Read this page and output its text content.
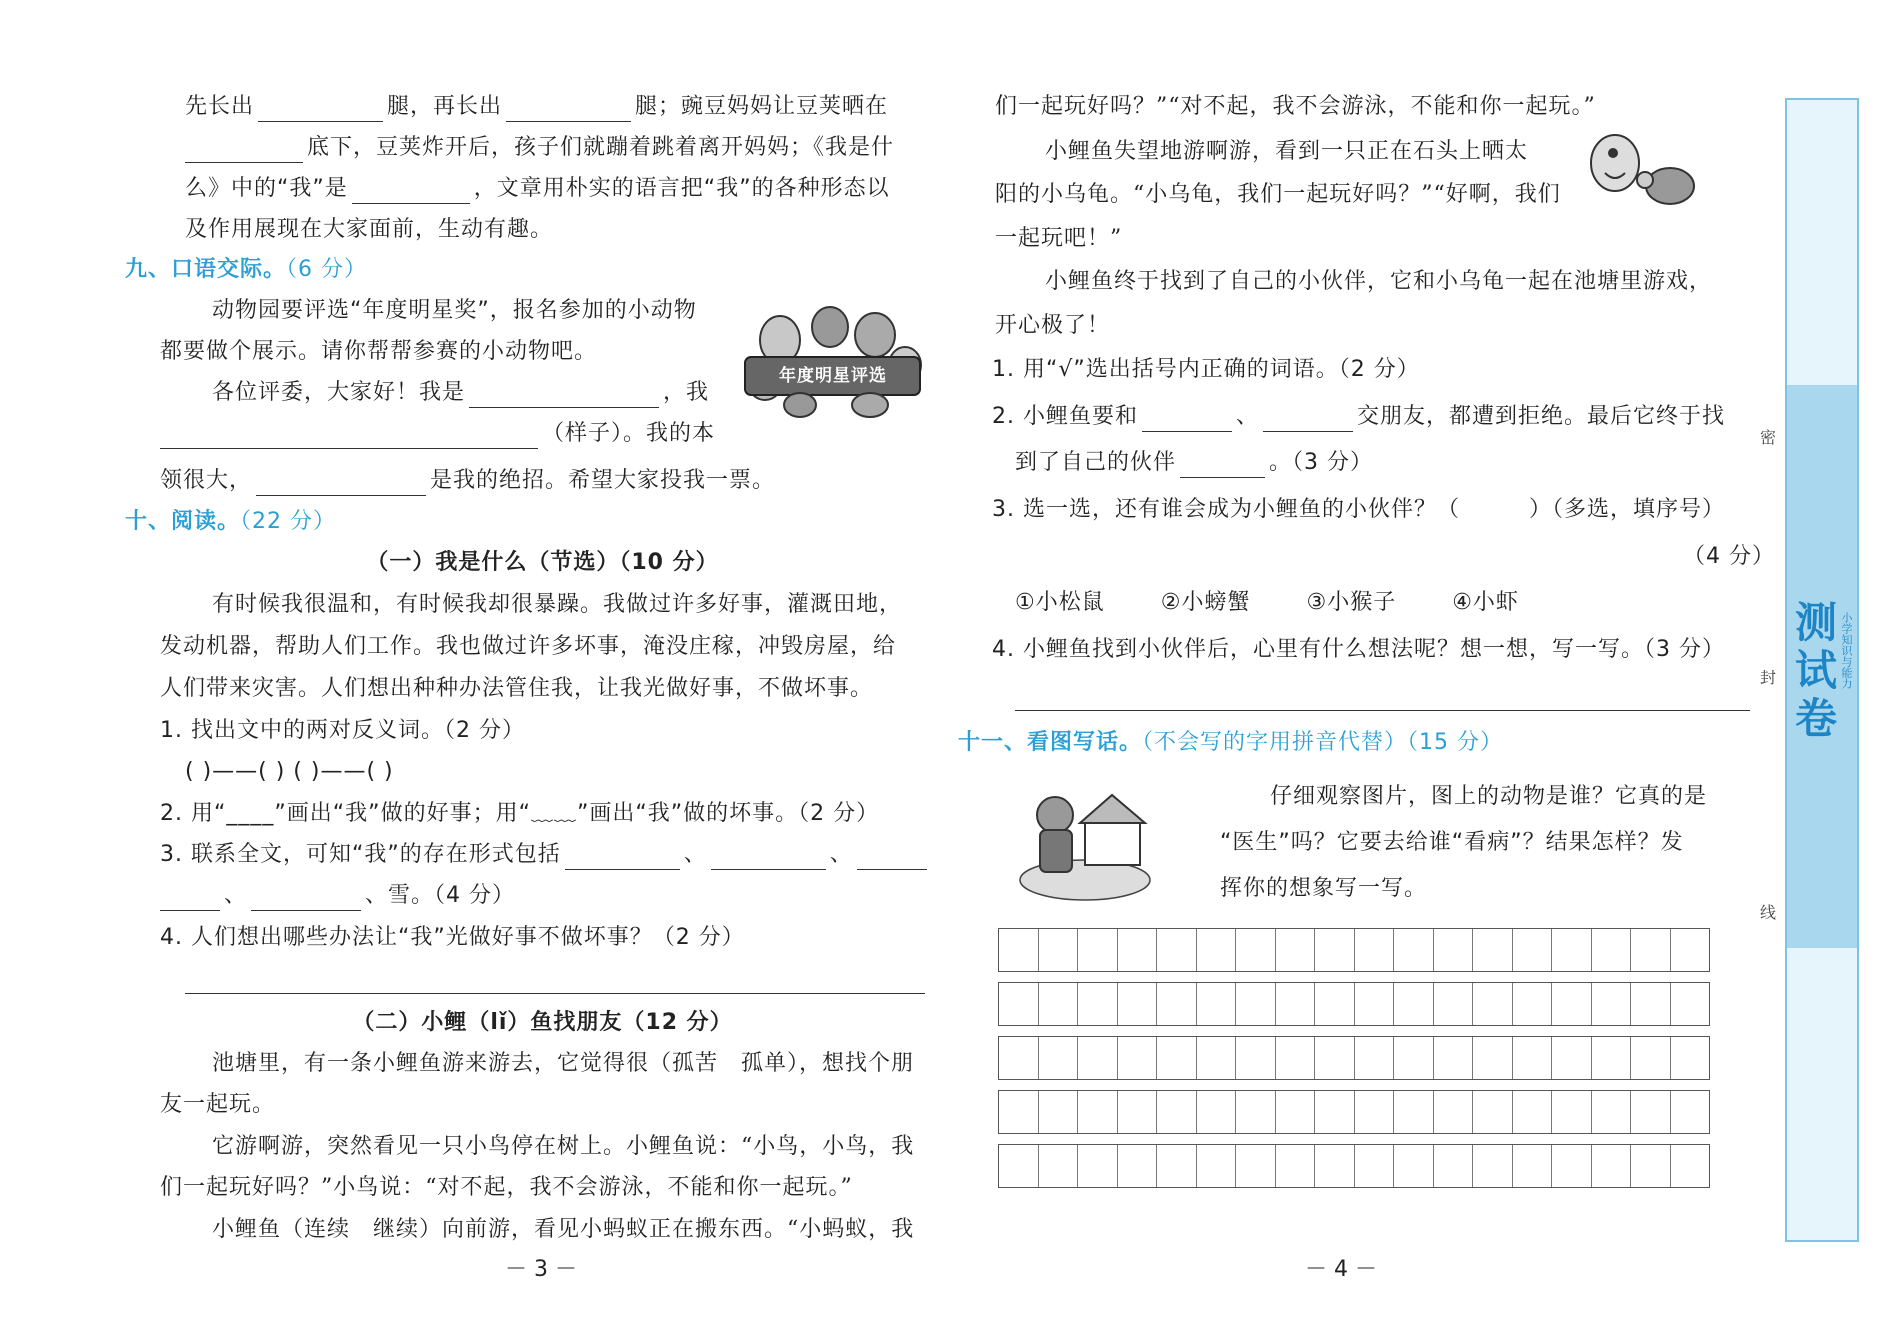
先长出	腿，再长出	腿；豌豆妈妈让豆荚晒在
底下，豆荚炸开后，孩子们就蹦着跳着离开妈妈；《我是什
么》中的“我”是	，文章用朴实的语言把“我”的各种形态以
及作用展现在大家面前，生动有趣。
九、口语交际。（6 分）
动物园要评选“年度明星奖”，报名参加的小动物
都要做个展示。请你帮帮参赛的小动物吧。
各位评委，大家好！我是	，我
（样子）。我的本
领很大，	是我的绝招。希望大家投我一票。
年度明星评选
十、阅读。（22 分）
（一）我是什么（节选）（10 分）
有时候我很温和，有时候我却很暴躁。我做过许多好事，灌溉田地，
发动机器，帮助人们工作。我也做过许多坏事，淹没庄稼，冲毁房屋，给
人们带来灾害。人们想出种种办法管住我，让我光做好事，不做坏事。
1. 找出文中的两对反义词。（2 分）
( )——( ) ( )——( )
2. 用“____”画出“我”做的好事；用“﹏﹏”画出“我”做的坏事。（2 分）
3. 联系全文，可知“我”的存在形式包括	、	、
、	、雪。（4 分）
4. 人们想出哪些办法让“我”光做好事不做坏事？（2 分）
（二）小鲤（lǐ）鱼找朋友（12 分）
池塘里，有一条小鲤鱼游来游去，它觉得很（孤苦　孤单），想找个朋
友一起玩。
它游啊游，突然看见一只小鸟停在树上。小鲤鱼说：“小鸟，小鸟，我
们一起玩好吗？”小鸟说：“对不起，我不会游泳，不能和你一起玩。”
小鲤鱼（连续　继续）向前游，看见小蚂蚁正在搬东西。“小蚂蚁，我
－ 3 －
们一起玩好吗？”“对不起，我不会游泳，不能和你一起玩。”
小鲤鱼失望地游啊游，看到一只正在石头上晒太
阳的小乌龟。“小乌龟，我们一起玩好吗？”“好啊，我们
一起玩吧！”
小鲤鱼终于找到了自己的小伙伴，它和小乌龟一起在池塘里游戏，
开心极了！
1. 用“√”选出括号内正确的词语。（2 分）
2. 小鲤鱼要和	、	交朋友，都遭到拒绝。最后它终于找
到了自己的伙伴	。（3 分）
3. 选一选，还有谁会成为小鲤鱼的小伙伴？（　　　）（多选，填序号）
（4 分）
①小松鼠	②小螃蟹	③小猴子	④小虾
4. 小鲤鱼找到小伙伴后，心里有什么想法呢？想一想，写一写。（3 分）
十一、看图写话。（不会写的字用拼音代替）（15 分）
仔细观察图片，图上的动物是谁？它真的是
“医生”吗？它要去给谁“看病”？结果怎样？发
挥你的想象写一写。
－ 4 －
测试卷 小学知识与能力
密
封
线
